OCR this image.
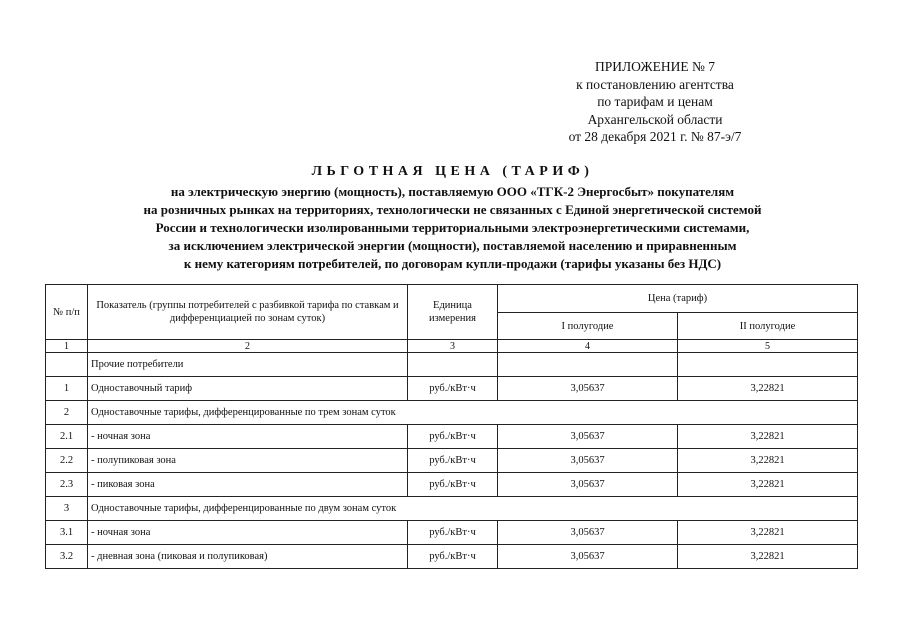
ПРИЛОЖЕНИЕ № 7
к постановлению агентства
по тарифам и ценам
Архангельской области
от 28 декабря 2021 г. № 87-э/7
ЛЬГОТНАЯ ЦЕНА (ТАРИФ)
на электрическую энергию (мощность), поставляемую ООО «ТГК-2 Энергосбыт» покупателям
на розничных рынках на территориях, технологически не связанных с Единой энергетической системой
России и технологически изолированными территориальными электроэнергетическими системами,
за исключением электрической энергии (мощности), поставляемой населению и приравненным
к нему категориям потребителей, по договорам купли-продажи (тарифы указаны без НДС)
№ п/п	Показатель (группы потребителей с разбивкой тарифа по ставкам и дифференциацией по зонам суток)	Единица измерения	Цена (тариф)	
			I полугодие	II полугодие
1	2	3	4	5
	Прочие потребители			
1	Одноставочный тариф	руб./кВт·ч	3,05637	3,22821
2	Одноставочные тарифы, дифференцированные по трем зонам суток			
2.1	- ночная зона	руб./кВт·ч	3,05637	3,22821
2.2	- полупиковая зона	руб./кВт·ч	3,05637	3,22821
2.3	- пиковая зона	руб./кВт·ч	3,05637	3,22821
3	Одноставочные тарифы, дифференцированные по двум зонам суток			
3.1	- ночная зона	руб./кВт·ч	3,05637	3,22821
3.2	- дневная зона (пиковая и полупиковая)	руб./кВт·ч	3,05637	3,22821
